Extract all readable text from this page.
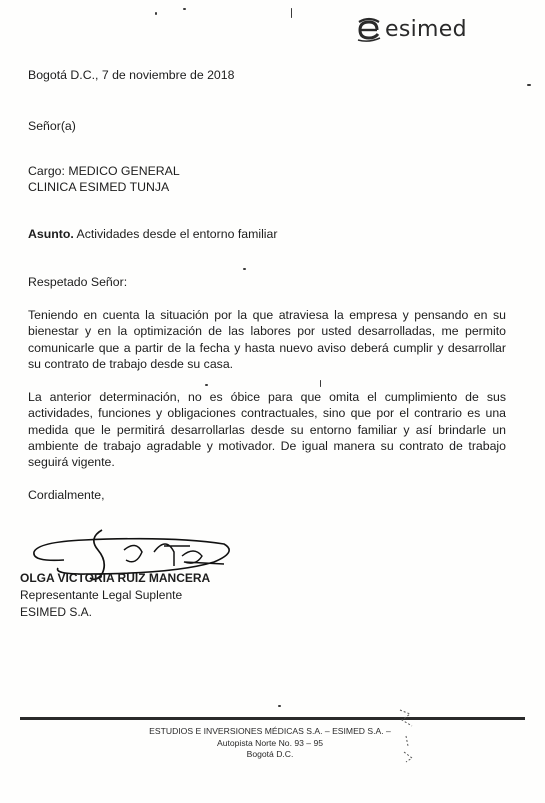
esimed
Bogotá D.C., 7 de noviembre de 2018
Señor(a)
Cargo: MEDICO GENERAL
CLINICA ESIMED TUNJA
Asunto. Actividades desde el entorno familiar
Respetado Señor:
Teniendo en cuenta la situación por la que atraviesa la empresa y pensando en su bienestar y en la optimización de las labores por usted desarrolladas, me permito comunicarle que a partir de la fecha y hasta nuevo aviso deberá cumplir y desarrollar su contrato de trabajo desde su casa.
La anterior determinación, no es óbice para que omita el cumplimiento de sus actividades, funciones y obligaciones contractuales, sino que por el contrario es una medida que le permitirá desarrollarlas desde su entorno familiar y así brindarle un ambiente de trabajo agradable y motivador. De igual manera su contrato de trabajo seguirá vigente.
Cordialmente,
OLGA VICTORIA RUIZ MANCERA
Representante Legal Suplente
ESIMED S.A.
ESTUDIOS E INVERSIONES MÉDICAS S.A. – ESIMED S.A. –
Autopista Norte No. 93 – 95
Bogotá D.C.
